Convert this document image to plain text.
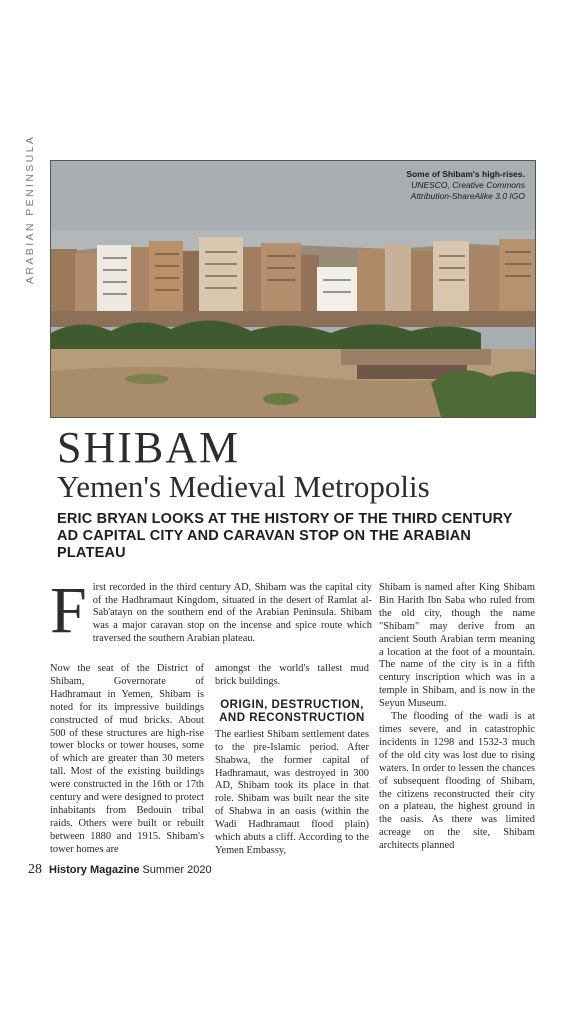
ARABIAN PENINSULA	Some of Shibam's high-rises.
UNESCO, Creative Commons
Attribution-ShareAlike 3.0 IGO
SHIBAM
Yemen's Medieval Metropolis
ERIC BRYAN LOOKS AT THE HISTORY OF THE THIRD CENTURY AD CAPITAL CITY AND CARAVAN STOP ON THE ARABIAN PLATEAU
First recorded in the third century AD, Shibam was the capital city of the Hadhramaut Kingdom, situated in the desert of Ramlat al-Sab'atayn on the southern end of the Arabian Peninsula. Shibam was a major caravan stop on the incense and spice route which traversed the southern Arabian plateau.

Now the seat of the District of Shibam, Governorate of Hadhramaut in Yemen, Shibam is noted for its impressive buildings constructed of mud bricks. About 500 of these structures are high-rise tower blocks or tower houses, some of which are greater than 30 meters tall. Most of the existing buildings were constructed in the 16th or 17th century and were designed to protect inhabitants from Bedouin tribal raids. Others were built or rebuilt between 1880 and 1915. Shibam's tower homes are

amongst the world's tallest mud brick buildings.

ORIGIN, DESTRUCTION, AND RECONSTRUCTION

The earliest Shibam settlement dates to the pre-Islamic period. After Shabwa, the former capital of Hadhramaut, was destroyed in 300 AD, Shibam took its place in that role. Shibam was built near the site of Shabwa in an oasis (within the Wadi Hadhramaut flood plain) which abuts a cliff. According to the Yemen Embassy,

Shibam is named after King Shibam Bin Harith Ibn Saba who ruled from the old city, though the name "Shibam" may derive from an ancient South Arabian term meaning a location at the foot of a mountain. The name of the city is in a fifth century inscription which was in a temple in Shibam, and is now in the Seyun Museum.

The flooding of the wadi is at times severe, and in catastrophic incidents in 1298 and 1532-3 much of the old city was lost due to rising waters. In order to lessen the chances of subsequent flooding of Shibam, the citizens reconstructed their city on a plateau, the highest ground in the oasis. As there was limited acreage on the site, Shibam architects planned

28 History Magazine Summer 2020
